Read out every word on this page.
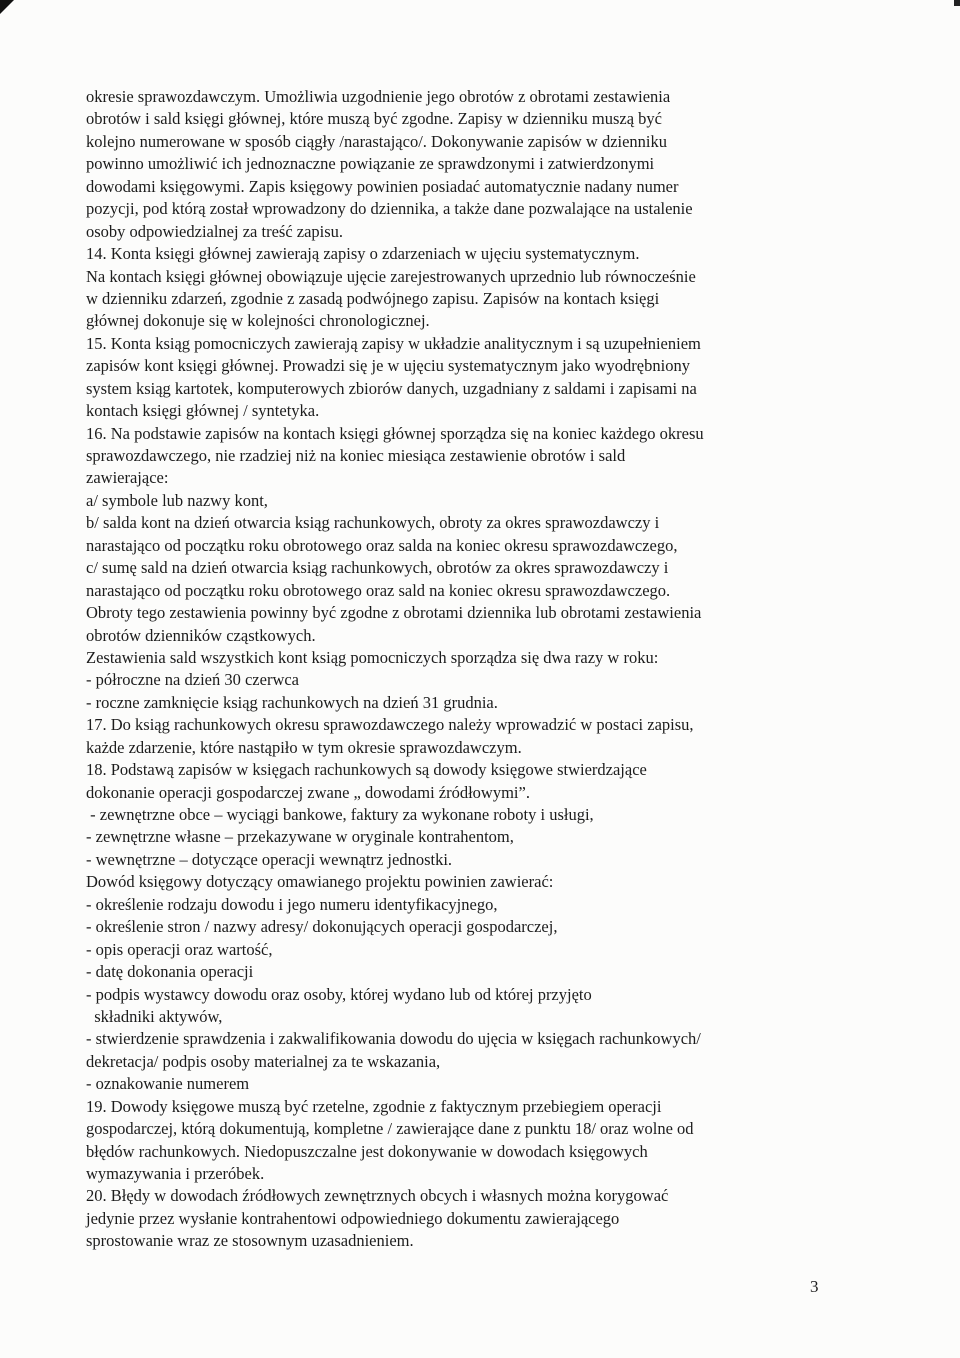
okresie sprawozdawczym. Umożliwia uzgodnienie jego obrotów z obrotami zestawienia
obrotów i sald księgi głównej, które muszą być zgodne. Zapisy w dzienniku muszą być
kolejno numerowane w sposób ciągły /narastająco/. Dokonywanie zapisów w dzienniku
powinno umożliwić ich jednoznaczne powiązanie ze sprawdzonymi i zatwierdzonymi
dowodami księgowymi. Zapis księgowy powinien posiadać automatycznie nadany numer
pozycji, pod którą został wprowadzony do dziennika, a także dane pozwalające na ustalenie
osoby odpowiedzialnej za treść zapisu.
14. Konta księgi głównej zawierają zapisy o zdarzeniach w ujęciu systematycznym.
Na kontach księgi głównej obowiązuje ujęcie zarejestrowanych uprzednio lub równocześnie
w dzienniku zdarzeń, zgodnie z zasadą podwójnego zapisu. Zapisów na kontach księgi
głównej dokonuje się w kolejności chronologicznej.
15. Konta ksiąg pomocniczych zawierają zapisy w układzie analitycznym i są uzupełnieniem
zapisów kont księgi głównej. Prowadzi się je w ujęciu systematycznym jako wyodrębniony
system ksiąg kartotek, komputerowych zbiorów danych, uzgadniany z saldami i zapisami na
kontach księgi głównej / syntetyka.
16. Na podstawie zapisów na kontach księgi głównej sporządza się na koniec każdego okresu
sprawozdawczego, nie rzadziej niż na koniec miesiąca zestawienie obrotów i sald
zawierające:
a/ symbole lub nazwy kont,
b/ salda kont na dzień otwarcia ksiąg rachunkowych, obroty za okres sprawozdawczy i
narastająco od początku roku obrotowego oraz salda na koniec okresu sprawozdawczego,
c/ sumę sald na dzień otwarcia ksiąg rachunkowych, obrotów za okres sprawozdawczy i
narastająco od początku roku obrotowego oraz sald na koniec okresu sprawozdawczego.
Obroty tego zestawienia powinny być zgodne z obrotami dziennika lub obrotami zestawienia
obrotów dzienników cząstkowych.
Zestawienia sald wszystkich kont ksiąg pomocniczych sporządza się dwa razy w roku:
- półroczne na dzień 30 czerwca
- roczne zamknięcie ksiąg rachunkowych na dzień 31 grudnia.
17. Do ksiąg rachunkowych okresu sprawozdawczego należy wprowadzić w postaci zapisu,
każde zdarzenie, które nastąpiło w tym okresie sprawozdawczym.
18. Podstawą zapisów w księgach rachunkowych są dowody księgowe stwierdzające
dokonanie operacji gospodarczej zwane „ dowodami źródłowymi”.
- zewnętrzne obce – wyciągi bankowe, faktury za wykonane roboty i usługi,
- zewnętrzne własne – przekazywane w oryginale kontrahentom,
- wewnętrzne – dotyczące operacji wewnątrz jednostki.
Dowód księgowy dotyczący omawianego projektu powinien zawierać:
- określenie rodzaju dowodu i jego numeru identyfikacyjnego,
- określenie stron / nazwy adresy/ dokonujących operacji gospodarczej,
- opis operacji oraz wartość,
- datę dokonania operacji
- podpis wystawcy dowodu oraz osoby, której wydano lub od której przyjęto
składniki aktywów,
- stwierdzenie sprawdzenia i zakwalifikowania dowodu do ujęcia w księgach rachunkowych/
dekretacja/ podpis osoby materialnej za te wskazania,
- oznakowanie numerem
19. Dowody księgowe muszą być rzetelne, zgodnie z faktycznym przebiegiem operacji
gospodarczej, którą dokumentują, kompletne / zawierające dane z punktu 18/ oraz wolne od
błędów rachunkowych. Niedopuszczalne jest dokonywanie w dowodach księgowych
wymazywania i przeróbek.
20. Błędy w dowodach źródłowych zewnętrznych obcych i własnych można korygować
jedynie przez wysłanie kontrahentowi odpowiedniego dokumentu zawierającego
sprostowanie wraz ze stosownym uzasadnieniem.
3
